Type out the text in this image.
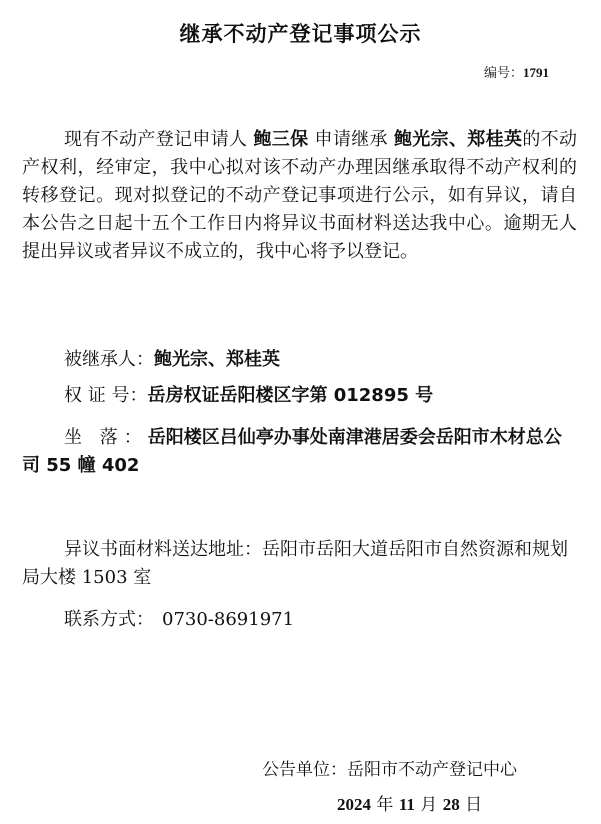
继承不动产登记事项公示
编号：1791
现有不动产登记申请人 鲍三保 申请继承 鲍光宗、郑桂英的不动产权利，经审定，我中心拟对该不动产办理因继承取得不动产权利的转移登记。现对拟登记的不动产登记事项进行公示，如有异议，请自本公告之日起十五个工作日内将异议书面材料送达我中心。逾期无人提出异议或者异议不成立的，我中心将予以登记。
被继承人：鲍光宗、郑桂英
权 证 号：岳房权证岳阳楼区字第 012895 号
坐 落：岳阳楼区吕仙亭办事处南津港居委会岳阳市木材总公司 55 幢 402
异议书面材料送达地址：岳阳市岳阳大道岳阳市自然资源和规划局大楼 1503 室
联系方式： 0730-8691971
公告单位：岳阳市不动产登记中心
2024 年 11 月 28 日
